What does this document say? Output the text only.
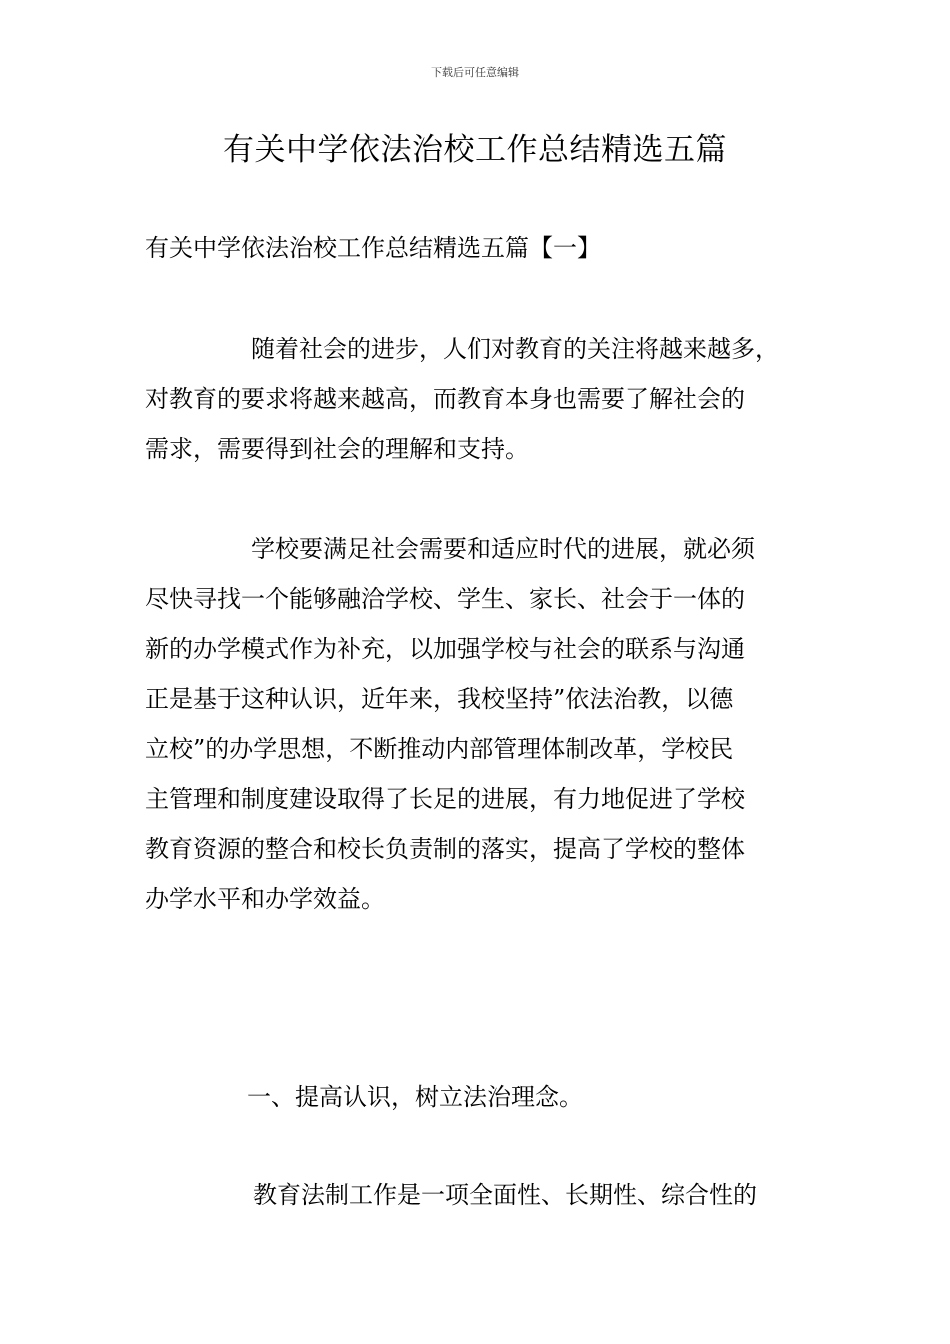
下载后可任意编辑
有关中学依法治校工作总结精选五篇
有关中学依法治校工作总结精选五篇【一】

随着社会的进步，人们对教育的关注将越来越多，
对教育的要求将越来越高，而教育本身也需要了解社会的
需求，需要得到社会的理解和支持。

学校要满足社会需要和适应时代的进展，就必须
尽快寻找一个能够融洽学校、学生、家长、社会于一体的
新的办学模式作为补充，以加强学校与社会的联系与沟通
正是基于这种认识，近年来，我校坚持”依法治教，以德
立校”的办学思想，不断推动内部管理体制改革，学校民
主管理和制度建设取得了长足的进展，有力地促进了学校
教育资源的整合和校长负责制的落实，提高了学校的整体
办学水平和办学效益。

一、提高认识，树立法治理念。

教育法制工作是一项全面性、长期性、综合性的
